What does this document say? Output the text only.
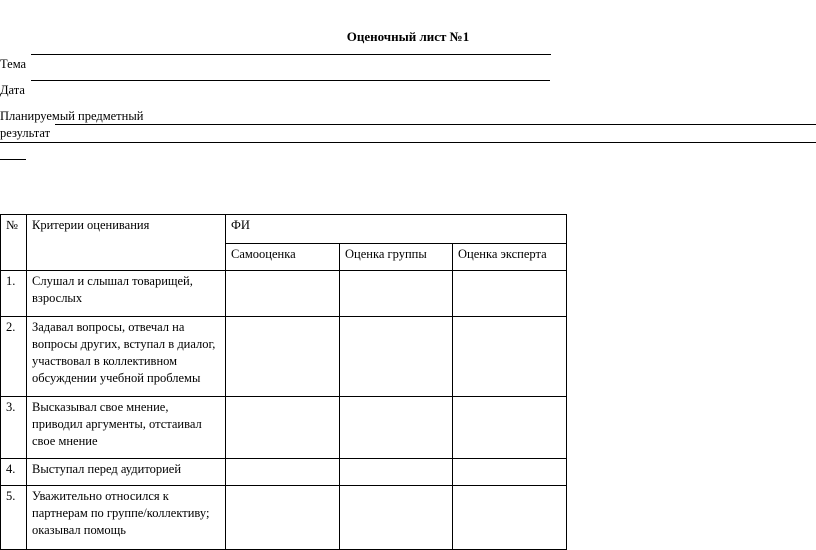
Оценочный лист №1
Тема
Дата
Планируемый предметный
результат
№	Критерии оценивания	ФИ		
		Самооценка	Оценка группы	Оценка эксперта
1.	Слушал и слышал товарищей, взрослых			
2.	Задавал вопросы, отвечал на вопросы других, вступал в диалог, участвовал в коллективном обсуждении учебной проблемы			
3.	Высказывал свое мнение, приводил аргументы, отстаивал свое мнение			
4.	Выступал перед аудиторией			
5.	Уважительно относился к партнерам по группе/коллективу; оказывал помощь			
